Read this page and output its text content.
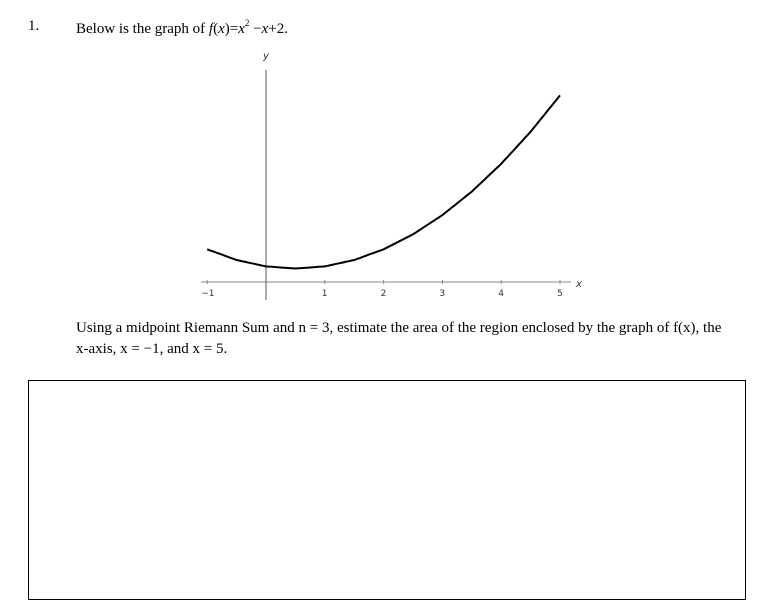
1. Below is the graph of $f(x)=x^2 -x+2$.
y
x
−1	1	2	3	4	5
Using a midpoint Riemann Sum and n = 3, estimate the area of the region enclosed by the graph of f(x), the x-axis, x = −1, and x = 5.
